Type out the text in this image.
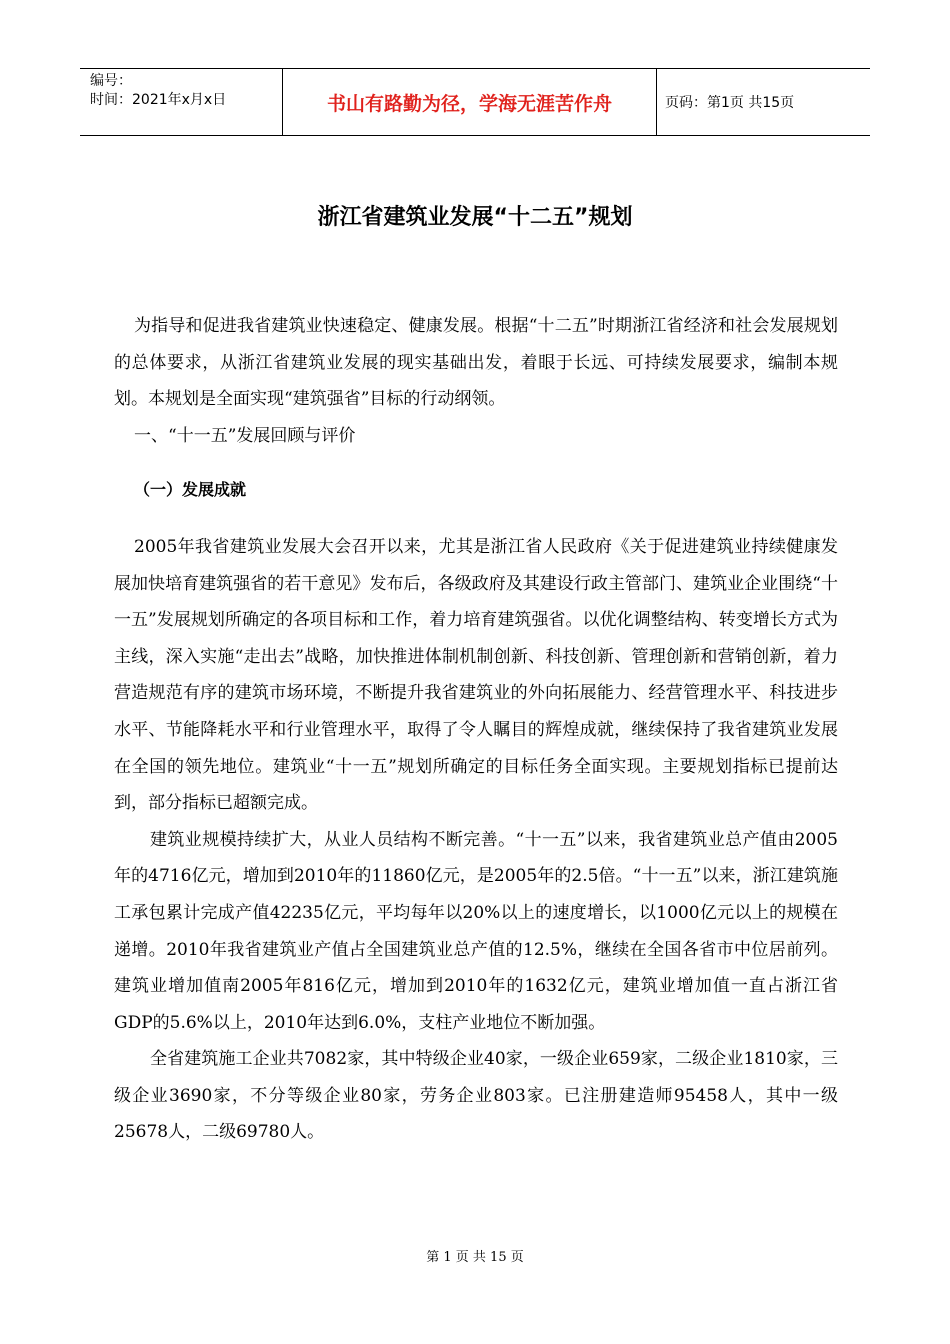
编号：
时间：2021年x月x日	书山有路勤为径，学海无涯苦作舟	页码：第1页 共15页
浙江省建筑业发展“十二五”规划

为指导和促进我省建筑业快速稳定、健康发展。根据“十二五”时期浙江省经济和社会发展规划的总体要求，从浙江省建筑业发展的现实基础出发，着眼于长远、可持续发展要求，编制本规划。本规划是全面实现“建筑强省”目标的行动纲领。

一、“十一五”发展回顾与评价

（一）发展成就

2005年我省建筑业发展大会召开以来，尤其是浙江省人民政府《关于促进建筑业持续健康发展加快培育建筑强省的若干意见》发布后，各级政府及其建设行政主管部门、建筑业企业围绕“十一五”发展规划所确定的各项目标和工作，着力培育建筑强省。以优化调整结构、转变增长方式为主线，深入实施“走出去”战略，加快推进体制机制创新、科技创新、管理创新和营销创新，着力营造规范有序的建筑市场环境，不断提升我省建筑业的外向拓展能力、经营管理水平、科技进步水平、节能降耗水平和行业管理水平，取得了令人瞩目的辉煌成就，继续保持了我省建筑业发展在全国的领先地位。建筑业“十一五”规划所确定的目标任务全面实现。主要规划指标已提前达到，部分指标已超额完成。

建筑业规模持续扩大，从业人员结构不断完善。“十一五”以来，我省建筑业总产值由2005年的4716亿元，增加到2010年的11860亿元，是2005年的2.5倍。“十一五”以来，浙江建筑施工承包累计完成产值42235亿元，平均每年以20%以上的速度增长，以1000亿元以上的规模在递增。2010年我省建筑业产值占全国建筑业总产值的12.5%，继续在全国各省市中位居前列。建筑业增加值南2005年816亿元，增加到2010年的1632亿元，建筑业增加值一直占浙江省GDP的5.6%以上，2010年达到6.0%，支柱产业地位不断加强。

全省建筑施工企业共7082家，其中特级企业40家，一级企业659家，二级企业1810家，三级企业3690家，不分等级企业80家，劳务企业803家。已注册建造师95458人，其中一级25678人，二级69780人。

第 1 页 共 15 页
